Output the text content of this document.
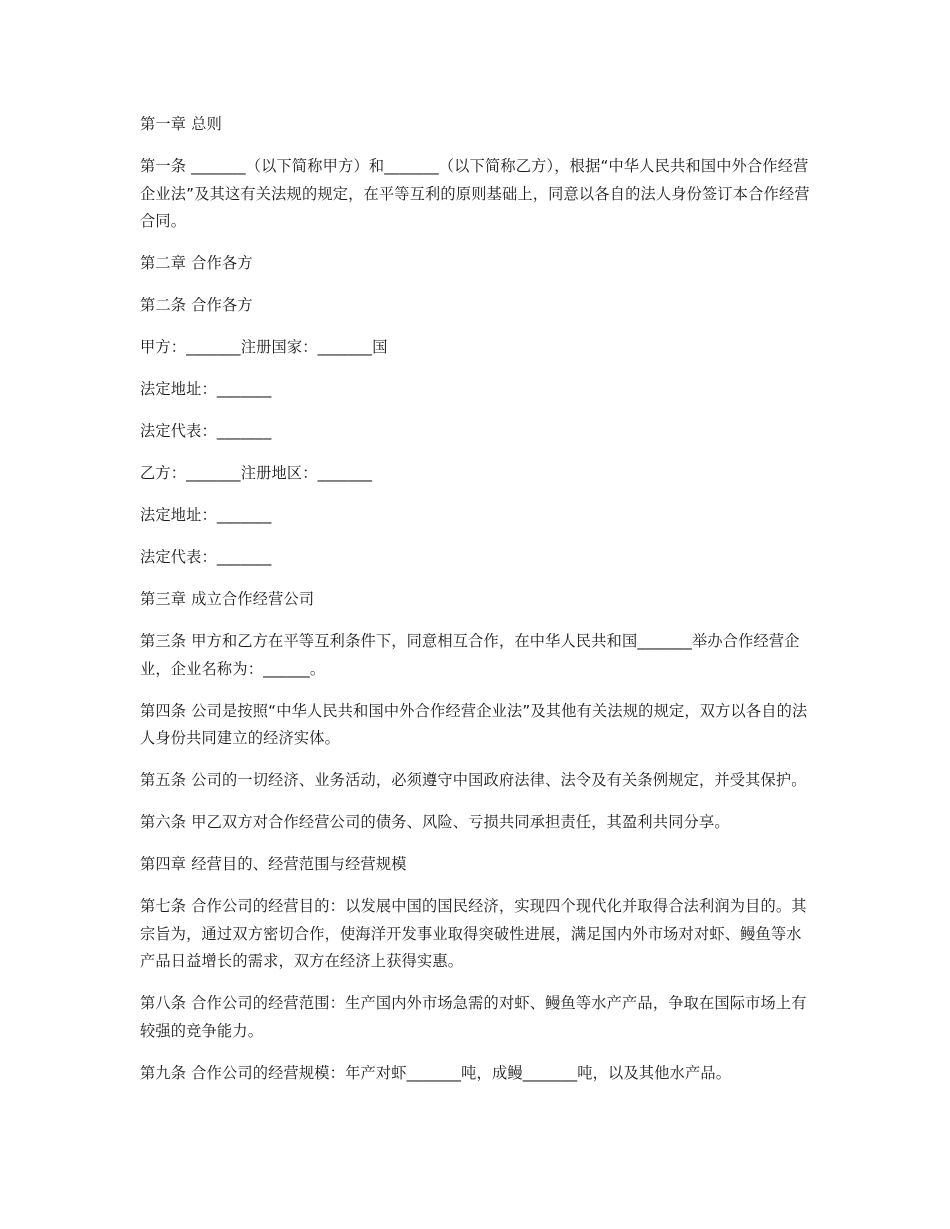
第一章 总则

第一条 _______（以下简称甲方）和_______（以下简称乙方），根据“中华人民共和国中外合作经营企业法”及其这有关法规的规定，在平等互利的原则基础上，同意以各自的法人身份签订本合作经营合同。

第二章 合作各方

第二条 合作各方

甲方：_______注册国家：_______国

法定地址：_______

法定代表：_______

乙方：_______注册地区：_______

法定地址：_______

法定代表：_______

第三章 成立合作经营公司

第三条 甲方和乙方在平等互利条件下，同意相互合作，在中华人民共和国_______举办合作经营企业，企业名称为：______。

第四条 公司是按照“中华人民共和国中外合作经营企业法”及其他有关法规的规定，双方以各自的法人身份共同建立的经济实体。

第五条 公司的一切经济、业务活动，必须遵守中国政府法律、法令及有关条例规定，并受其保护。

第六条 甲乙双方对合作经营公司的债务、风险、亏损共同承担责任，其盈利共同分享。

第四章 经营目的、经营范围与经营规模

第七条 合作公司的经营目的：以发展中国的国民经济，实现四个现代化并取得合法利润为目的。其宗旨为，通过双方密切合作，使海洋开发事业取得突破性进展，满足国内外市场对对虾、鳗鱼等水产品日益增长的需求，双方在经济上获得实惠。

第八条 合作公司的经营范围：生产国内外市场急需的对虾、鳗鱼等水产产品，争取在国际市场上有较强的竞争能力。

第九条 合作公司的经营规模：年产对虾_______吨，成鳗_______吨，以及其他水产品。
